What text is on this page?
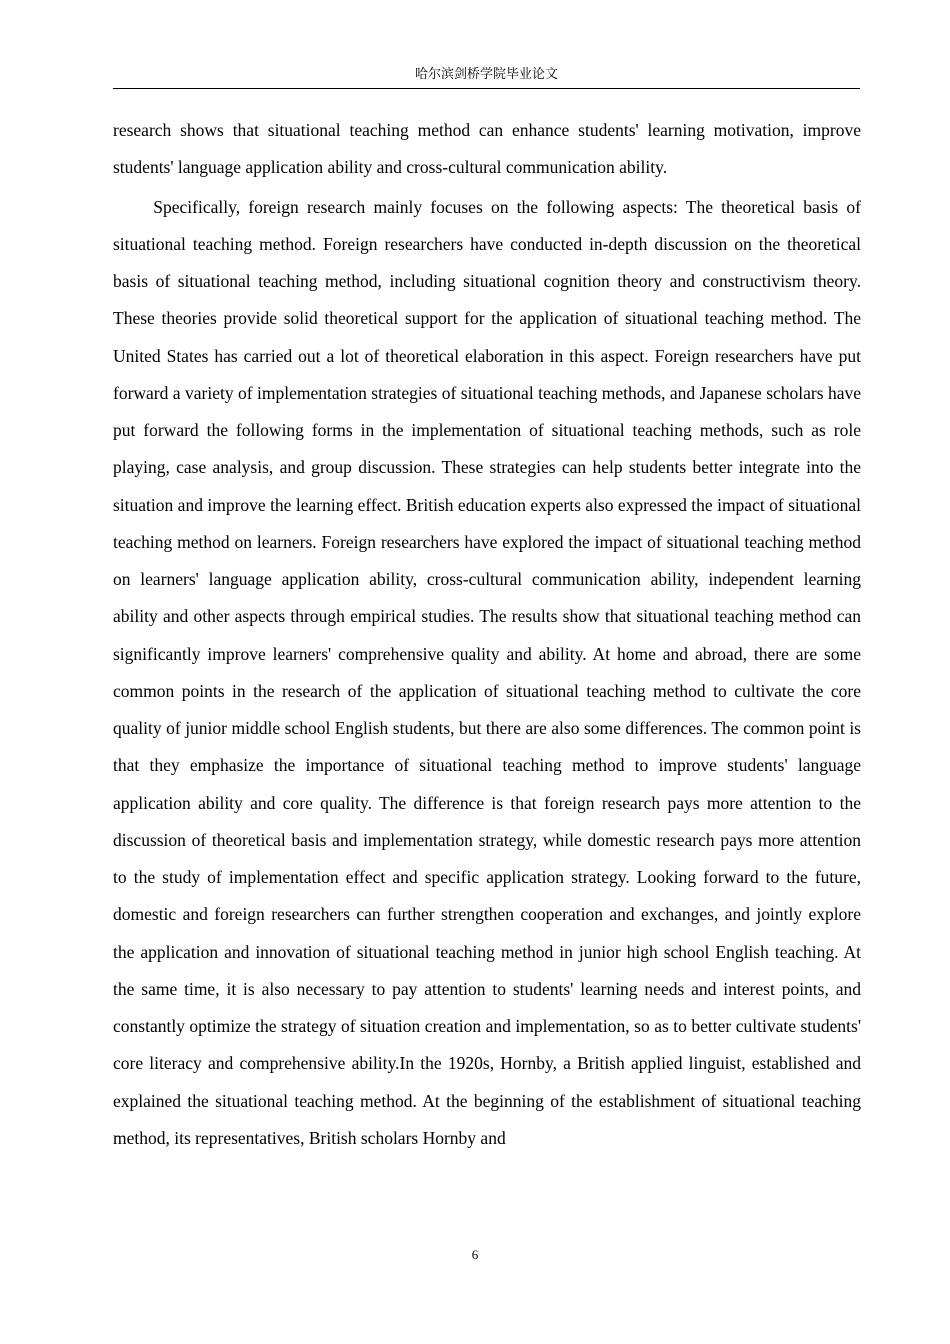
哈尔滨剑桥学院毕业论文

research shows that situational teaching method can enhance students' learning motivation, improve students' language application ability and cross-cultural communication ability.

Specifically, foreign research mainly focuses on the following aspects: The theoretical basis of situational teaching method. Foreign researchers have conducted in-depth discussion on the theoretical basis of situational teaching method, including situational cognition theory and constructivism theory. These theories provide solid theoretical support for the application of situational teaching method. The United States has carried out a lot of theoretical elaboration in this aspect. Foreign researchers have put forward a variety of implementation strategies of situational teaching methods, and Japanese scholars have put forward the following forms in the implementation of situational teaching methods, such as role playing, case analysis, and group discussion. These strategies can help students better integrate into the situation and improve the learning effect. British education experts also expressed the impact of situational teaching method on learners. Foreign researchers have explored the impact of situational teaching method on learners' language application ability, cross-cultural communication ability, independent learning ability and other aspects through empirical studies. The results show that situational teaching method can significantly improve learners' comprehensive quality and ability. At home and abroad, there are some common points in the research of the application of situational teaching method to cultivate the core quality of junior middle school English students, but there are also some differences. The common point is that they emphasize the importance of situational teaching method to improve students' language application ability and core quality. The difference is that foreign research pays more attention to the discussion of theoretical basis and implementation strategy, while domestic research pays more attention to the study of implementation effect and specific application strategy. Looking forward to the future, domestic and foreign researchers can further strengthen cooperation and exchanges, and jointly explore the application and innovation of situational teaching method in junior high school English teaching. At the same time, it is also necessary to pay attention to students' learning needs and interest points, and constantly optimize the strategy of situation creation and implementation, so as to better cultivate students' core literacy and comprehensive ability.In the 1920s, Hornby, a British applied linguist, established and explained the situational teaching method. At the beginning of the establishment of situational teaching method, its representatives, British scholars Hornby and

6
